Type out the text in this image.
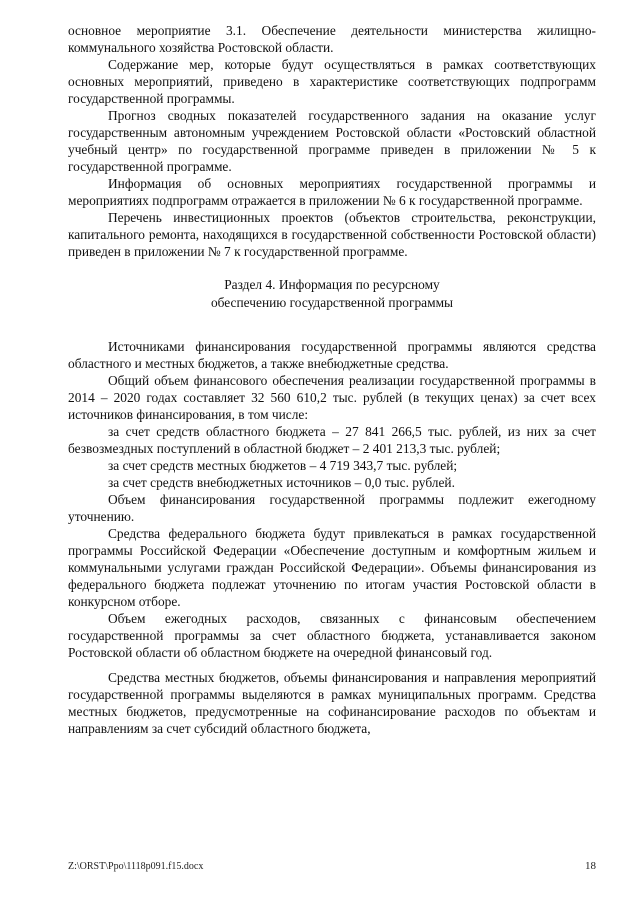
основное мероприятие 3.1. Обеспечение деятельности министерства жилищно-коммунального хозяйства Ростовской области.

Содержание мер, которые будут осуществляться в рамках соответствующих основных мероприятий, приведено в характеристике соответствующих подпрограмм государственной программы.

Прогноз сводных показателей государственного задания на оказание услуг государственным автономным учреждением Ростовской области «Ростовский областной учебный центр» по государственной программе приведен в приложении № 5 к государственной программе.

Информация об основных мероприятиях государственной программы и мероприятиях подпрограмм отражается в приложении № 6 к государственной программе.

Перечень инвестиционных проектов (объектов строительства, реконструкции, капитального ремонта, находящихся в государственной собственности Ростовской области) приведен в приложении № 7 к государственной программе.

Раздел 4. Информация по ресурсному
обеспечению государственной программы

Источниками финансирования государственной программы являются средства областного и местных бюджетов, а также внебюджетные средства.

Общий объем финансового обеспечения реализации государственной программы в 2014 – 2020 годах составляет 32 560 610,2 тыс. рублей (в текущих ценах) за счет всех источников финансирования, в том числе:

за счет средств областного бюджета – 27 841 266,5 тыс. рублей, из них за счет безвозмездных поступлений в областной бюджет – 2 401 213,3 тыс. рублей;

за счет средств местных бюджетов – 4 719 343,7 тыс. рублей;

за счет средств внебюджетных источников – 0,0 тыс. рублей.

Объем финансирования государственной программы подлежит ежегодному уточнению.

Средства федерального бюджета будут привлекаться в рамках государственной программы Российской Федерации «Обеспечение доступным и комфортным жильем и коммунальными услугами граждан Российской Федерации». Объемы финансирования из федерального бюджета подлежат уточнению по итогам участия Ростовской области в конкурсном отборе.

Объем ежегодных расходов, связанных с финансовым обеспечением государственной программы за счет областного бюджета, устанавливается законом Ростовской области об областном бюджете на очередной финансовый год.

Средства местных бюджетов, объемы финансирования и направления мероприятий государственной программы выделяются в рамках муниципальных программ. Средства местных бюджетов, предусмотренные на софинансирование расходов по объектам и направлениям за счет субсидий областного бюджета,

Z:\ORST\Ppo\1118p091.f15.docx	18
